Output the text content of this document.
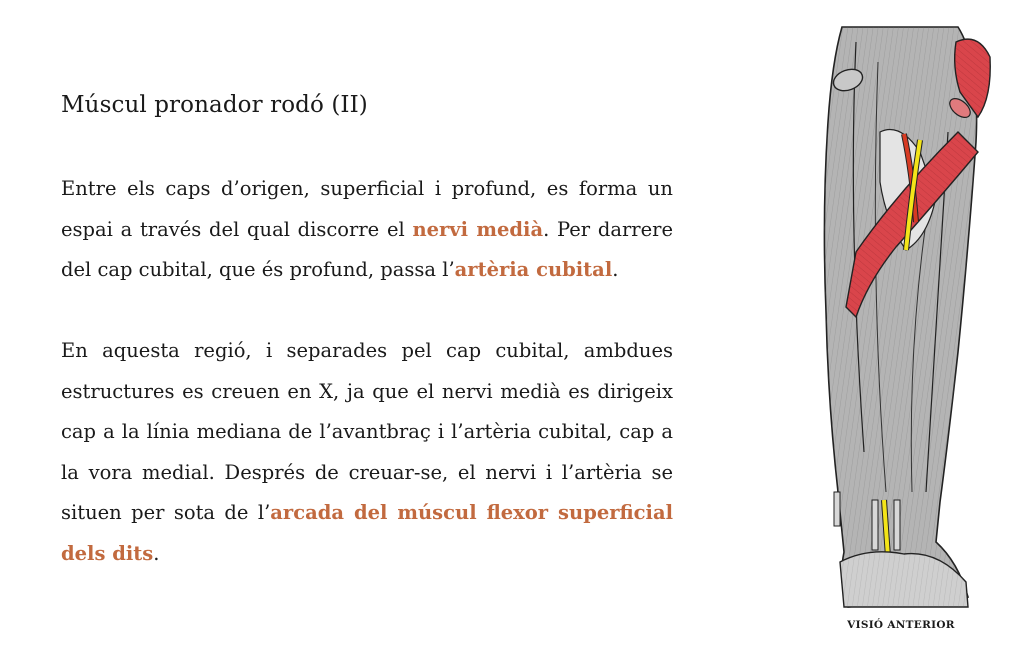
Múscul pronador rodó (II)

Entre els caps d’origen, superficial i profund, es forma un espai a través del qual discorre el nervi medià. Per darrere del cap cubital, que és profund, passa l’artèria cubital.

En aquesta regió, i separades pel cap cubital, ambdues estructures es creuen en X, ja que el nervi medià es dirigeix cap a la línia mediana de l’avantbraç i l’artèria cubital, cap a la vora medial. Després de creuar-se, el nervi i l’artèria se situen per sota de l’arcada del múscul flexor superficial dels dits.

VISIÓ ANTERIOR
